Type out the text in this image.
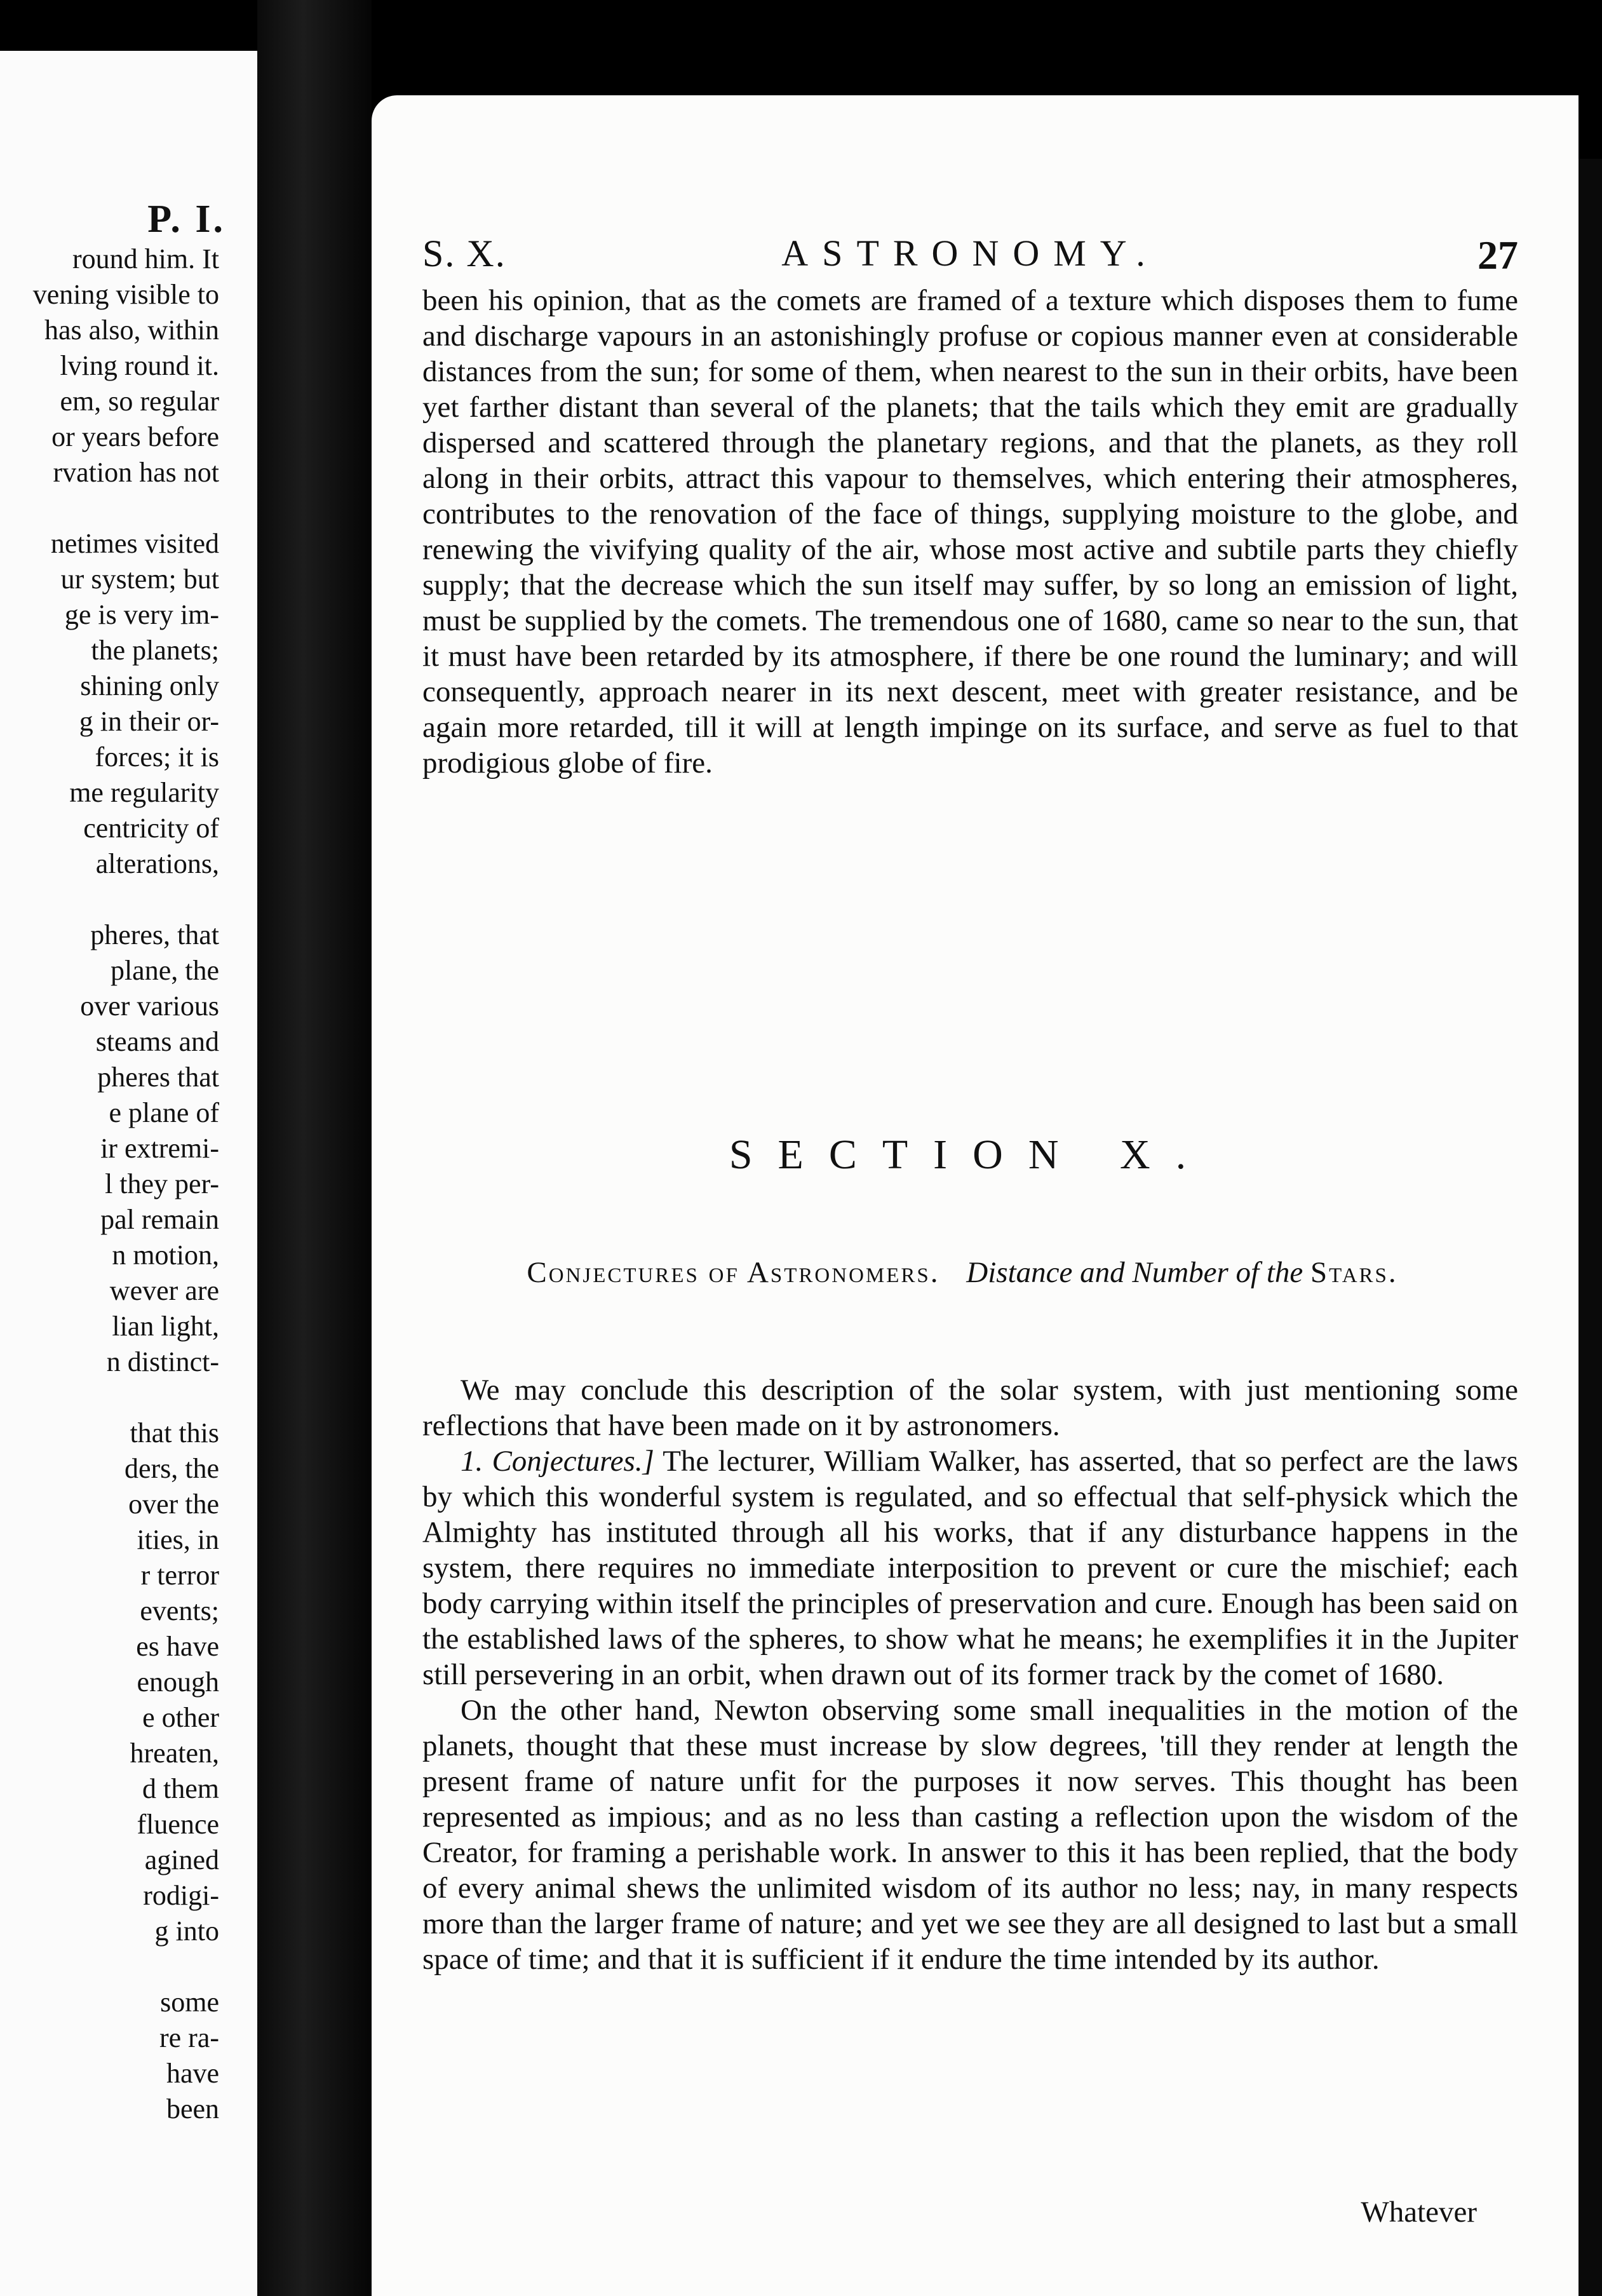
P. I.
round him. It
vening visible to
has also, within
lving round it.
em, so regular
or years before
rvation has not
netimes visited
ur system; but
ge is very im-
the planets;
shining only
g in their or-
forces; it is
me regularity
centricity of
alterations,
pheres, that
plane, the
over various
steams and
pheres that
e plane of
ir extremi-
l they per-
pal remain
n motion,
wever are
lian light,
n distinct-
that this
ders, the
over the
ities, in
r terror
events;
es have
enough
e other
hreaten,
d them
fluence
agined
rodigi-
g into
some
re ra-
have
been
S. X.	ASTRONOMY.	27

been his opinion, that as the comets are framed of a texture which disposes them to fume and discharge vapours in an astonishingly profuse or copious manner even at considerable distances from the sun; for some of them, when nearest to the sun in their orbits, have been yet farther distant than several of the planets; that the tails which they emit are gradually dispersed and scattered through the planetary regions, and that the planets, as they roll along in their orbits, attract this vapour to themselves, which entering their atmospheres, contributes to the renovation of the face of things, supplying moisture to the globe, and renewing the vivifying quality of the air, whose most active and subtile parts they chiefly supply; that the decrease which the sun itself may suffer, by so long an emission of light, must be supplied by the comets. The tremendous one of 1680, came so near to the sun, that it must have been retarded by its atmosphere, if there be one round the luminary; and will consequently, approach nearer in its next descent, meet with greater resistance, and be again more retarded, till it will at length impinge on its surface, and serve as fuel to that prodigious globe of fire.

SECTION X.
Conjectures of Astronomers. Distance and Number of the Stars.

We may conclude this description of the solar system, with just mentioning some reflections that have been made on it by astronomers.

1. Conjectures.] The lecturer, William Walker, has asserted, that so perfect are the laws by which this wonderful system is regulated, and so effectual that self-physick which the Almighty has instituted through all his works, that if any disturbance happens in the system, there requires no immediate interposition to prevent or cure the mischief; each body carrying within itself the principles of preservation and cure. Enough has been said on the established laws of the spheres, to show what he means; he exemplifies it in the Jupiter still persevering in an orbit, when drawn out of its former track by the comet of 1680.

On the other hand, Newton observing some small inequalities in the motion of the planets, thought that these must increase by slow degrees, 'till they render at length the present frame of nature unfit for the purposes it now serves. This thought has been represented as impious; and as no less than casting a reflection upon the wisdom of the Creator, for framing a perishable work. In answer to this it has been replied, that the body of every animal shews the unlimited wisdom of its author no less; nay, in many respects more than the larger frame of nature; and yet we see they are all designed to last but a small space of time; and that it is sufficient if it endure the time intended by its author.

Whatever
